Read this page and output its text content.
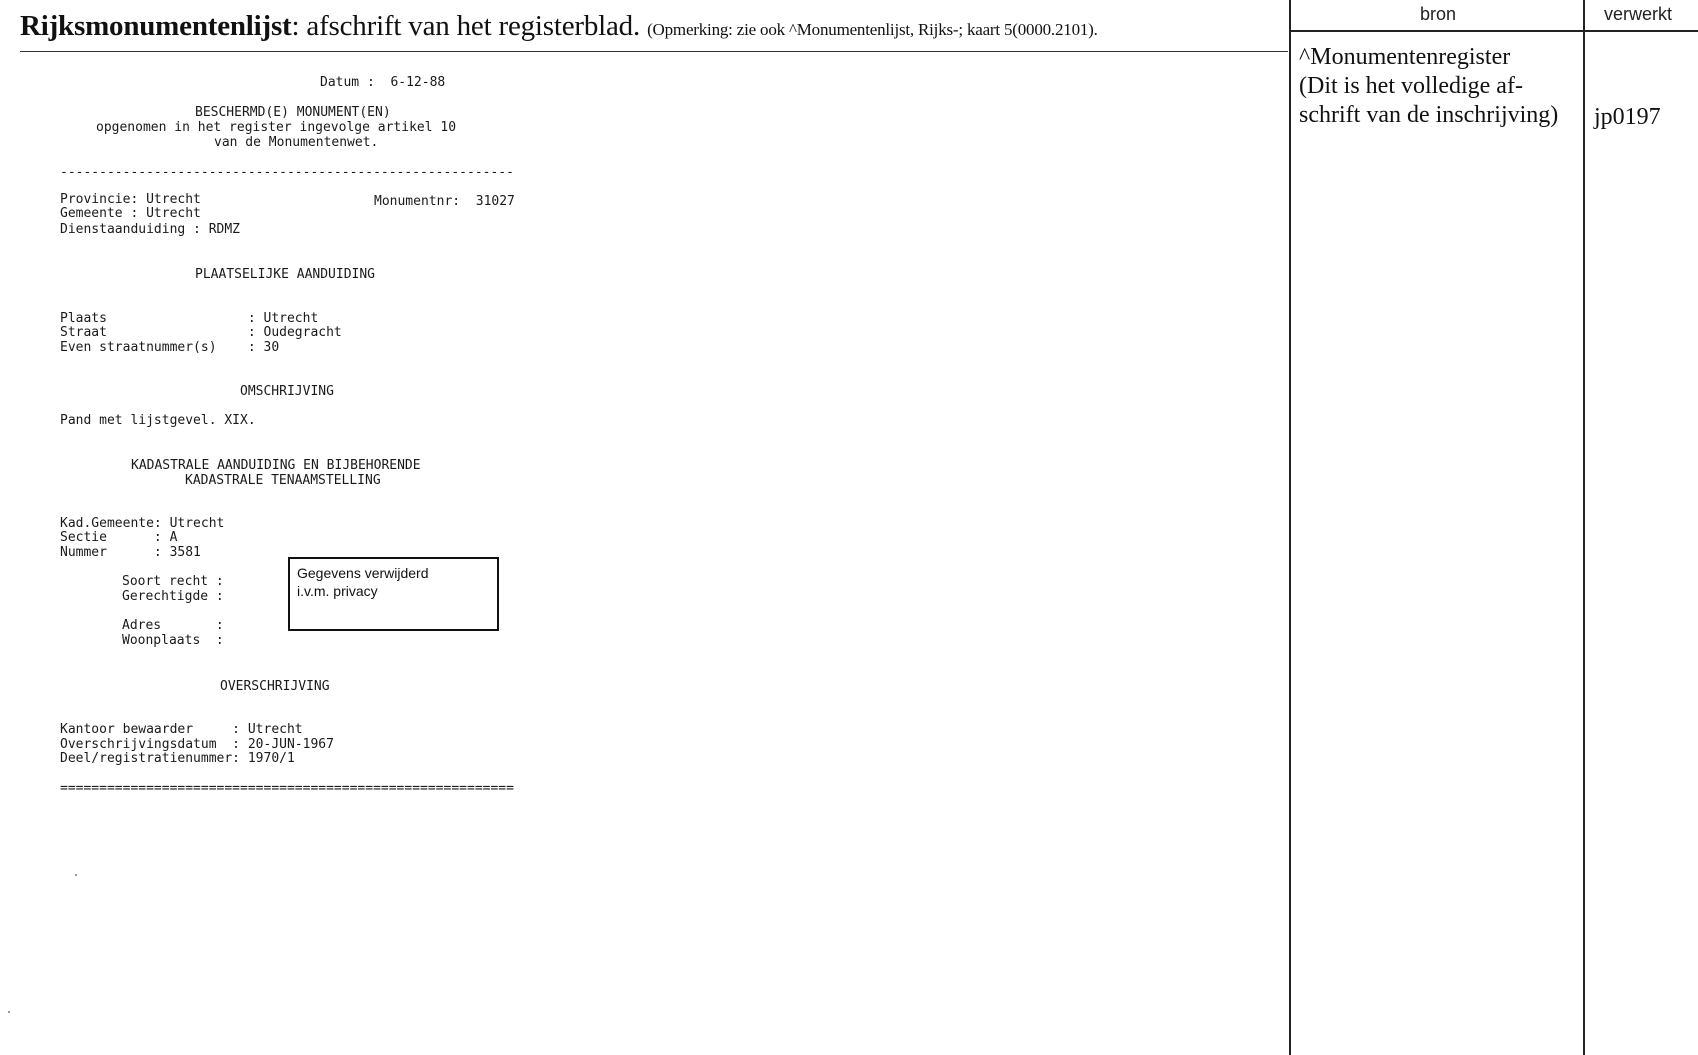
Rijksmonumentenlijst: afschrift van het registerblad. (Opmerking: zie ook ^Monumentenlijst, Rijks-; kaart 5(0000.2101).
bron	verwerkt
^Monumentenregister
(Dit is het volledige af-
schrift van de inschrijving) jp0197
Datum :  6-12-88
BESCHERMD(E) MONUMENT(EN)
opgenomen in het register ingevolge artikel 10
van de Monumentenwet.
----------------------------------------------------------
Provincie: Utrecht	Monumentnr:  31027
Gemeente : Utrecht
Dienstaanduiding : RDMZ
PLAATSELIJKE AANDUIDING
Plaats                  : Utrecht
Straat                  : Oudegracht
Even straatnummer(s)    : 30
OMSCHRIJVING
Pand met lijstgevel. XIX.
KADASTRALE AANDUIDING EN BIJBEHORENDE
KADASTRALE TENAAMSTELLING
Kad.Gemeente: Utrecht
Sectie      : A
Nummer      : 3581
Soort recht :
Gerechtigde :
Adres       :
Woonplaats  :
Gegevens verwijderd
i.v.m. privacy
OVERSCHRIJVING
Kantoor bewaarder     : Utrecht
Overschrijvingsdatum  : 20-JUN-1967
Deel/registratienummer: 1970/1
==========================================================
